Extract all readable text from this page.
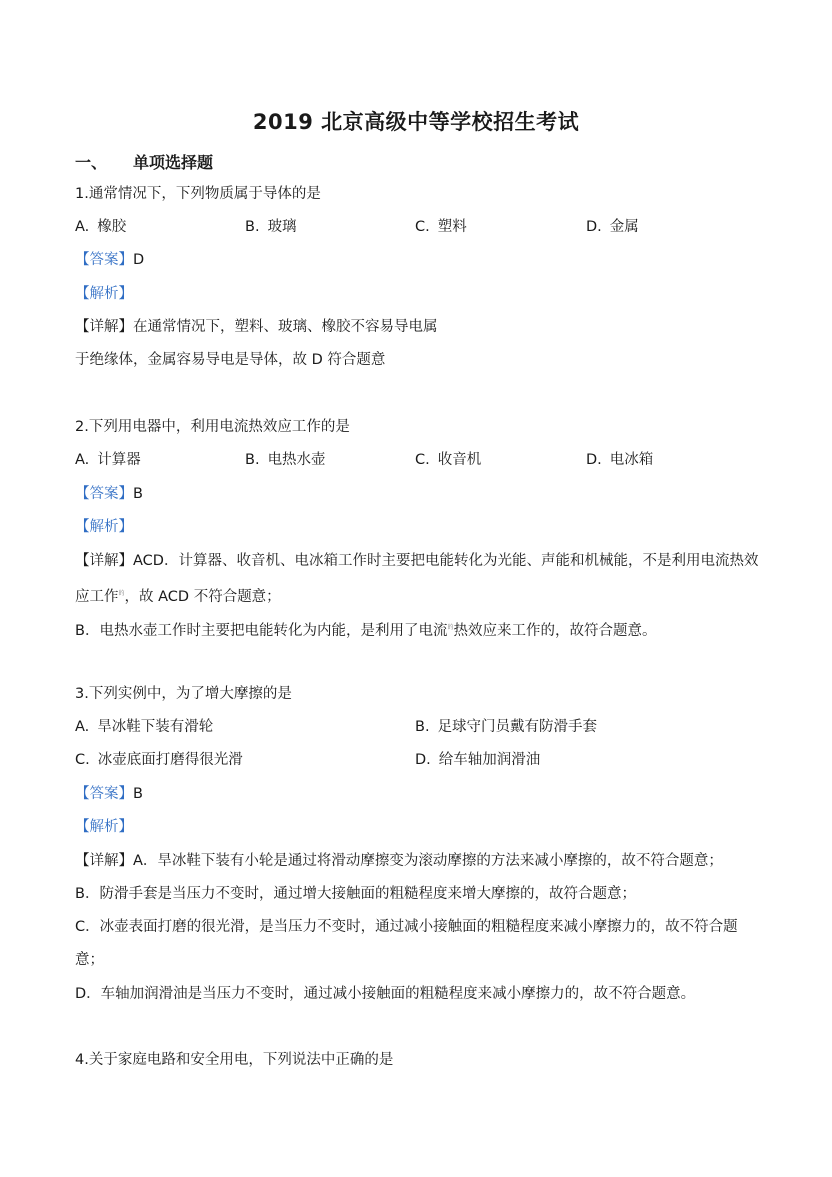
2019 北京高级中等学校招生考试
一、 单项选择题
1.通常情况下，下列物质属于导体的是
A. 橡胶	B. 玻璃	C. 塑料	D. 金属
【答案】D
【解析】
【详解】在通常情况下，塑料、玻璃、橡胶不容易导电属
于绝缘体，金属容易导电是导体，故 D 符合题意
2.下列用电器中，利用电流热效应工作的是
A. 计算器	B. 电热水壶	C. 收音机	D. 电冰箱
【答案】B
【解析】
【详解】ACD．计算器、收音机、电冰箱工作时主要把电能转化为光能、声能和机械能，不是利用电流热效
应工作$^的$，故 ACD 不符合题意；
B．电热水壶工作时主要把电能转化为内能，是利用了电流$^的$热效应来工作的，故符合题意。
3.下列实例中，为了增大摩擦的是
A. 旱冰鞋下装有滑轮	B. 足球守门员戴有防滑手套
C. 冰壶底面打磨得很光滑	D. 给车轴加润滑油
【答案】B
【解析】
【详解】A．旱冰鞋下装有小轮是通过将滑动摩擦变为滚动摩擦的方法来减小摩擦的，故不符合题意；
B．防滑手套是当压力不变时，通过增大接触面的粗糙程度来增大摩擦的，故符合题意；
C．冰壶表面打磨的很光滑，是当压力不变时，通过减小接触面的粗糙程度来减小摩擦力的，故不符合题
意；
D．车轴加润滑油是当压力不变时，通过减小接触面的粗糙程度来减小摩擦力的，故不符合题意。
4.关于家庭电路和安全用电，下列说法中正确的是
